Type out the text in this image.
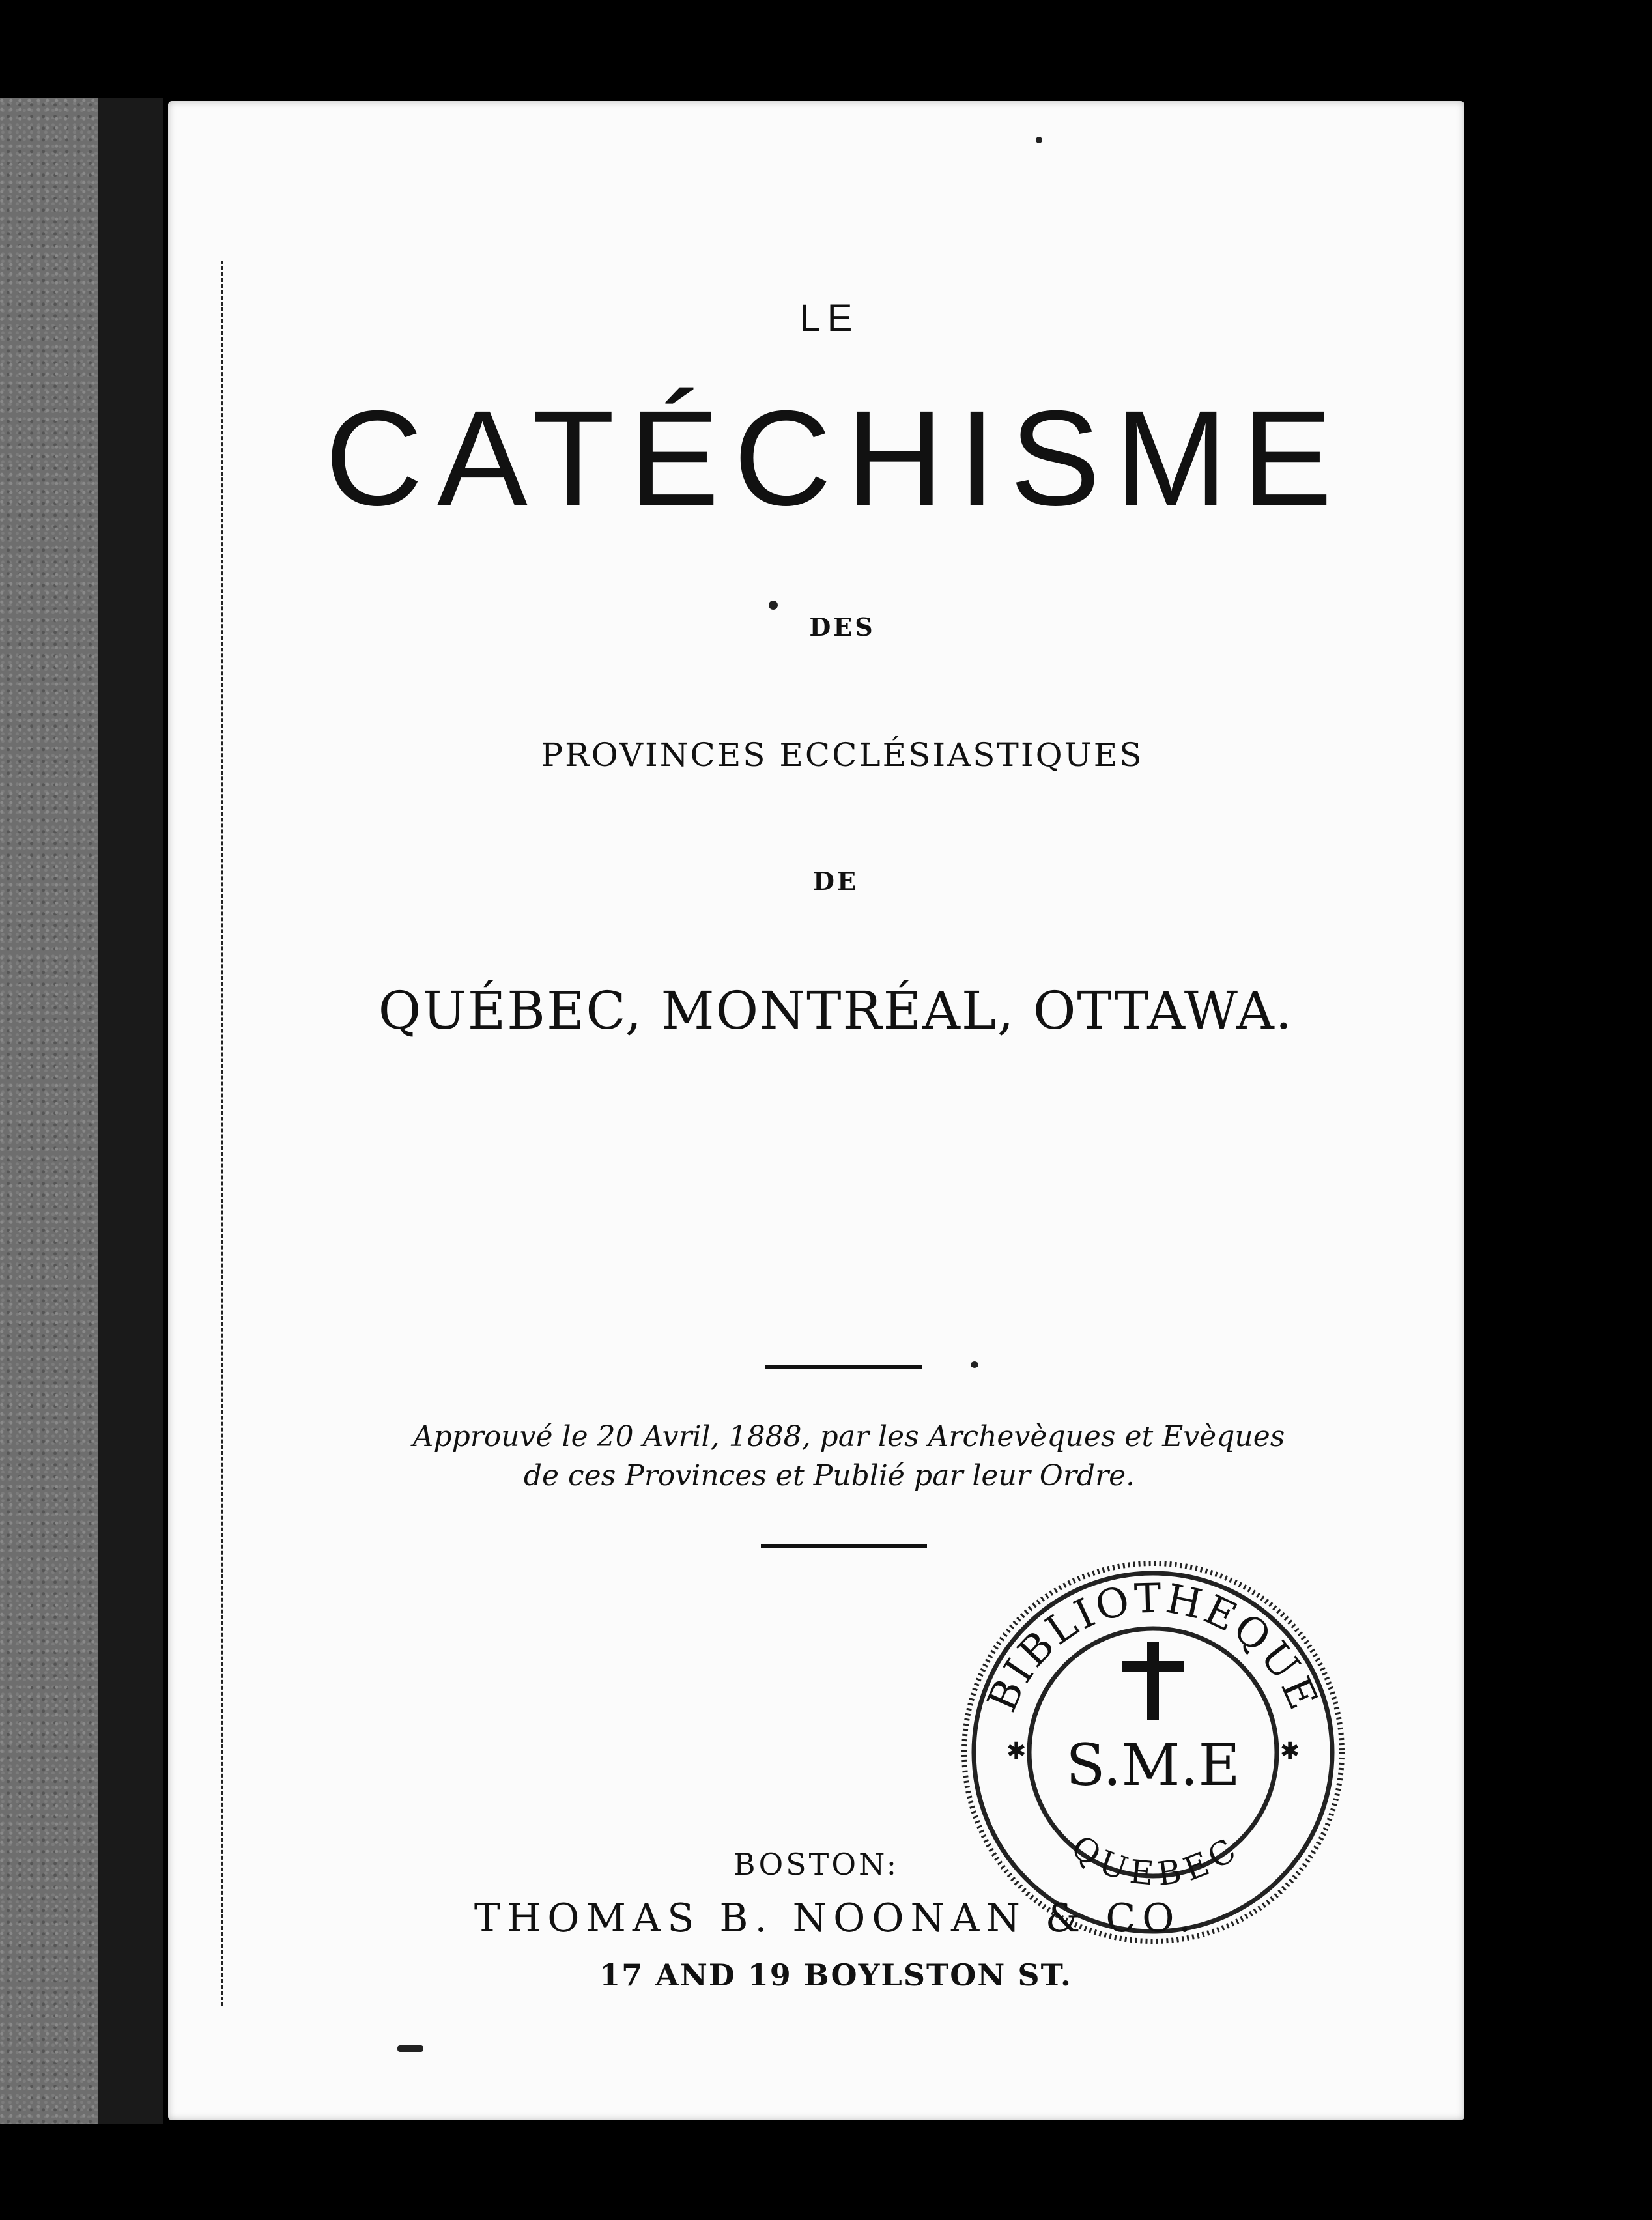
LE
CATÉCHISME
DES
PROVINCES ECCLÉSIASTIQUES
DE
QUÉBEC, MONTRÉAL, OTTAWA.
Approuvé le 20 Avril, 1888, par les Archevèques et Evèques
de ces Provinces et Publié par leur Ordre.
BIBLIOTHEQUE
QUEBEC
S.M.E
✱	✱
BOSTON:
THOMAS B. NOONAN & CO.
17 AND 19 BOYLSTON ST.
